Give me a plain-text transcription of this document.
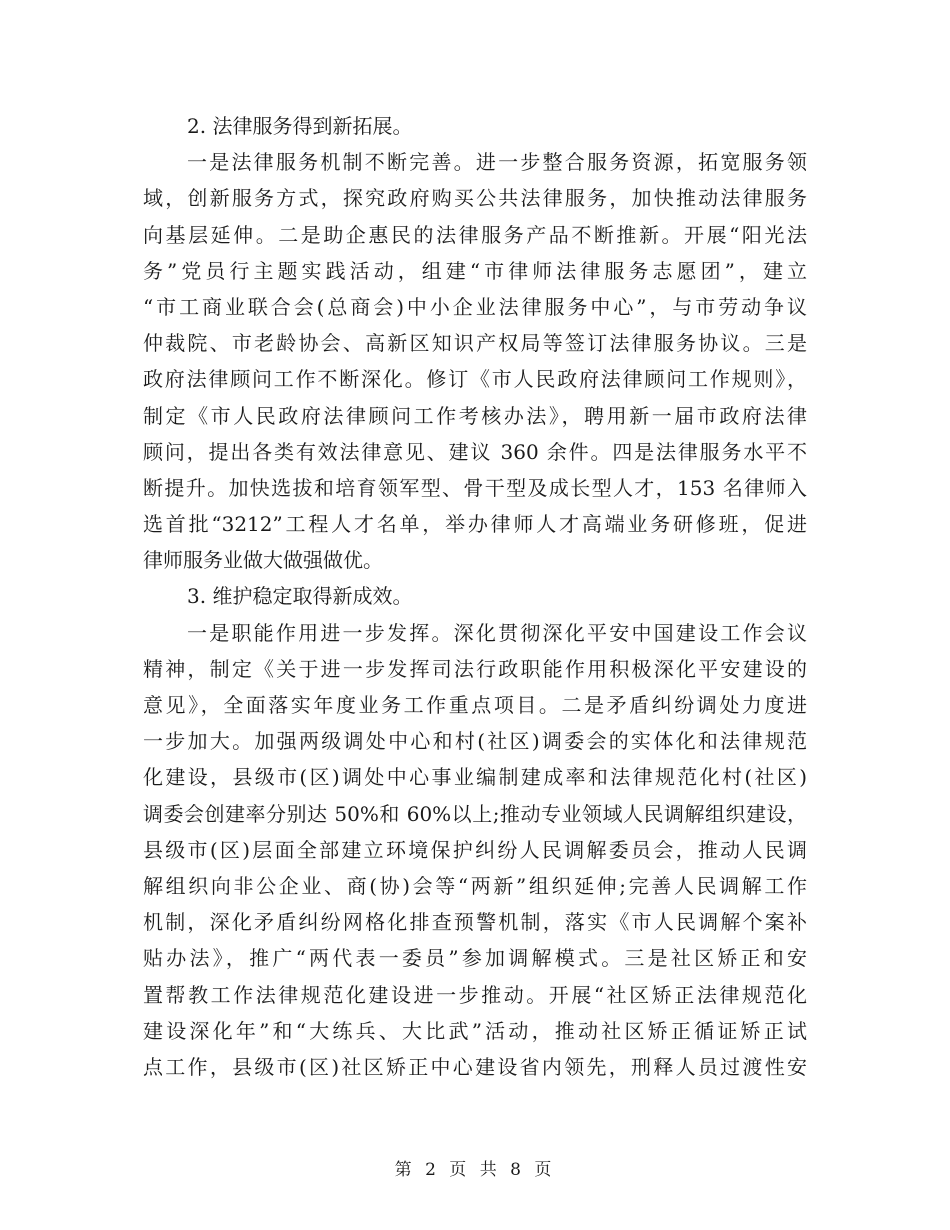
2. 法律服务得到新拓展。
一是法律服务机制不断完善。进一步整合服务资源，拓宽服务领
域，创新服务方式，探究政府购买公共法律服务，加快推动法律服务
向基层延伸。二是助企惠民的法律服务产品不断推新。开展“阳光法
务”党员行主题实践活动，组建“市律师法律服务志愿团”，建立
“市工商业联合会(总商会)中小企业法律服务中心”，与市劳动争议
仲裁院、市老龄协会、高新区知识产权局等签订法律服务协议。三是
政府法律顾问工作不断深化。修订《市人民政府法律顾问工作规则》，
制定《市人民政府法律顾问工作考核办法》，聘用新一届市政府法律
顾问，提出各类有效法律意见、建议 360 余件。四是法律服务水平不
断提升。加快选拔和培育领军型、骨干型及成长型人才，153 名律师入
选首批“3212”工程人才名单，举办律师人才高端业务研修班，促进
律师服务业做大做强做优。
3. 维护稳定取得新成效。
一是职能作用进一步发挥。深化贯彻深化平安中国建设工作会议
精神，制定《关于进一步发挥司法行政职能作用积极深化平安建设的
意见》，全面落实年度业务工作重点项目。二是矛盾纠纷调处力度进
一步加大。加强两级调处中心和村(社区)调委会的实体化和法律规范
化建设，县级市(区)调处中心事业编制建成率和法律规范化村(社区)
调委会创建率分别达 50%和 60%以上;推动专业领域人民调解组织建设，
县级市(区)层面全部建立环境保护纠纷人民调解委员会，推动人民调
解组织向非公企业、商(协)会等“两新”组织延伸;完善人民调解工作
机制，深化矛盾纠纷网格化排查预警机制，落实《市人民调解个案补
贴办法》，推广“两代表一委员”参加调解模式。三是社区矫正和安
置帮教工作法律规范化建设进一步推动。开展“社区矫正法律规范化
建设深化年”和“大练兵、大比武”活动，推动社区矫正循证矫正试
点工作，县级市(区)社区矫正中心建设省内领先，刑释人员过渡性安
第 2 页 共 8 页
